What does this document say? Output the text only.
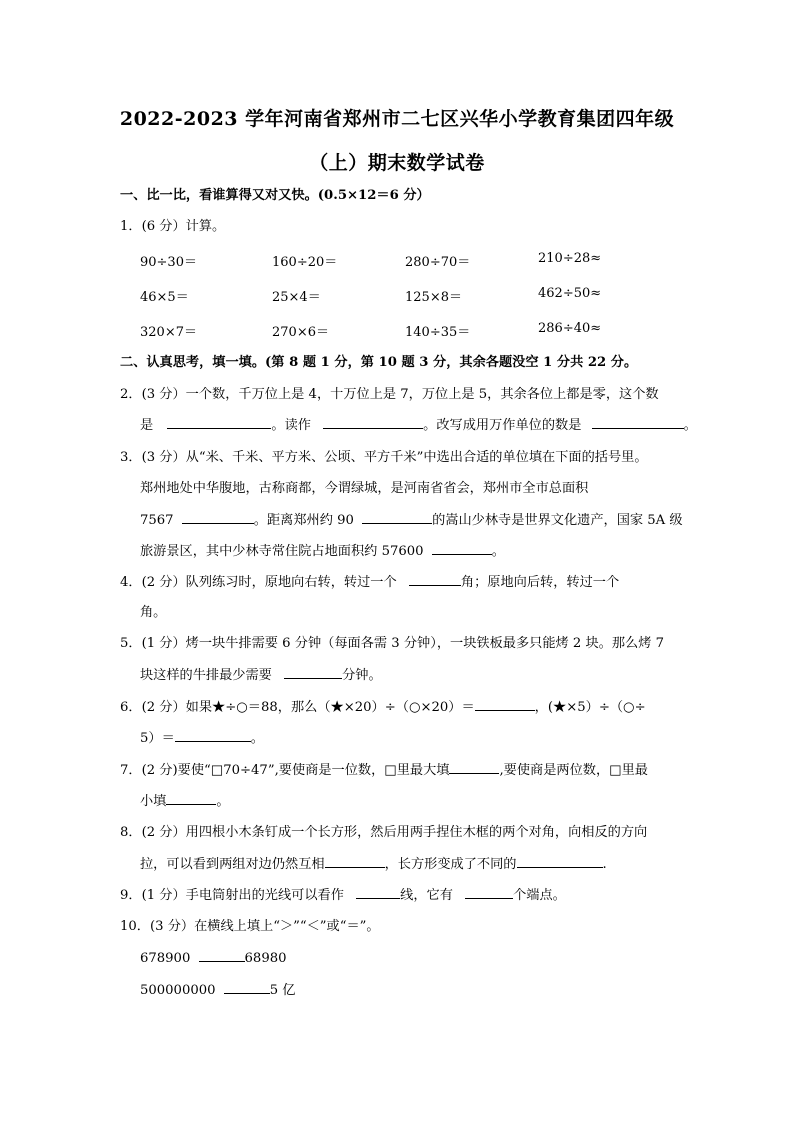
2022-2023 学年河南省郑州市二七区兴华小学教育集团四年级
（上）期末数学试卷
一、比一比，看谁算得又对又快。(0.5×12＝6 分）
1．(6 分）计算。
90÷30＝	160÷20＝	280÷70＝	210÷28≈
46×5＝	25×4＝	125×8＝	462÷50≈
320×7＝	270×6＝	140÷35＝	286÷40≈
二、认真思考，填一填。(第 8 题 1 分，第 10 题 3 分，其余各题没空 1 分共 22 分。
2．(3 分）一个数，千万位上是 4，十万位上是 7，万位上是 5，其余各位上都是零，这个数
是	。读作	。改写成用万作单位的数是	。
3．(3 分）从“米、千米、平方米、公顷、平方千米”中选出合适的单位填在下面的括号里。
郑州地处中华腹地，古称商都，今谓绿城，是河南省省会，郑州市全市总面积
7567	。距离郑州约 90	的嵩山少林寺是世界文化遗产，国家 5A 级
旅游景区，其中少林寺常住院占地面积约 57600	。
4．(2 分）队列练习时，原地向右转，转过一个	角；原地向后转，转过一个
角。
5．(1 分）烤一块牛排需要 6 分钟（每面各需 3 分钟），一块铁板最多只能烤 2 块。那么烤 7
块这样的牛排最少需要	分钟。
6．(2 分）如果★÷○＝88，那么（★×20）÷（○×20）＝	，(★×5）÷（○÷
5）＝	。
7．(2 分)要使“□70÷47”,要使商是一位数，□里最大填	,要使商是两位数，□里最
小填	。
8．(2 分）用四根小木条钉成一个长方形，然后用两手捏住木框的两个对角，向相反的方向
拉，可以看到两组对边仍然互相	，长方形变成了不同的	.
9．(1 分）手电筒射出的光线可以看作	线，它有	个端点。
10．(3 分）在横线上填上“＞”“＜”或“＝”。
678900	68980
500000000	5 亿
